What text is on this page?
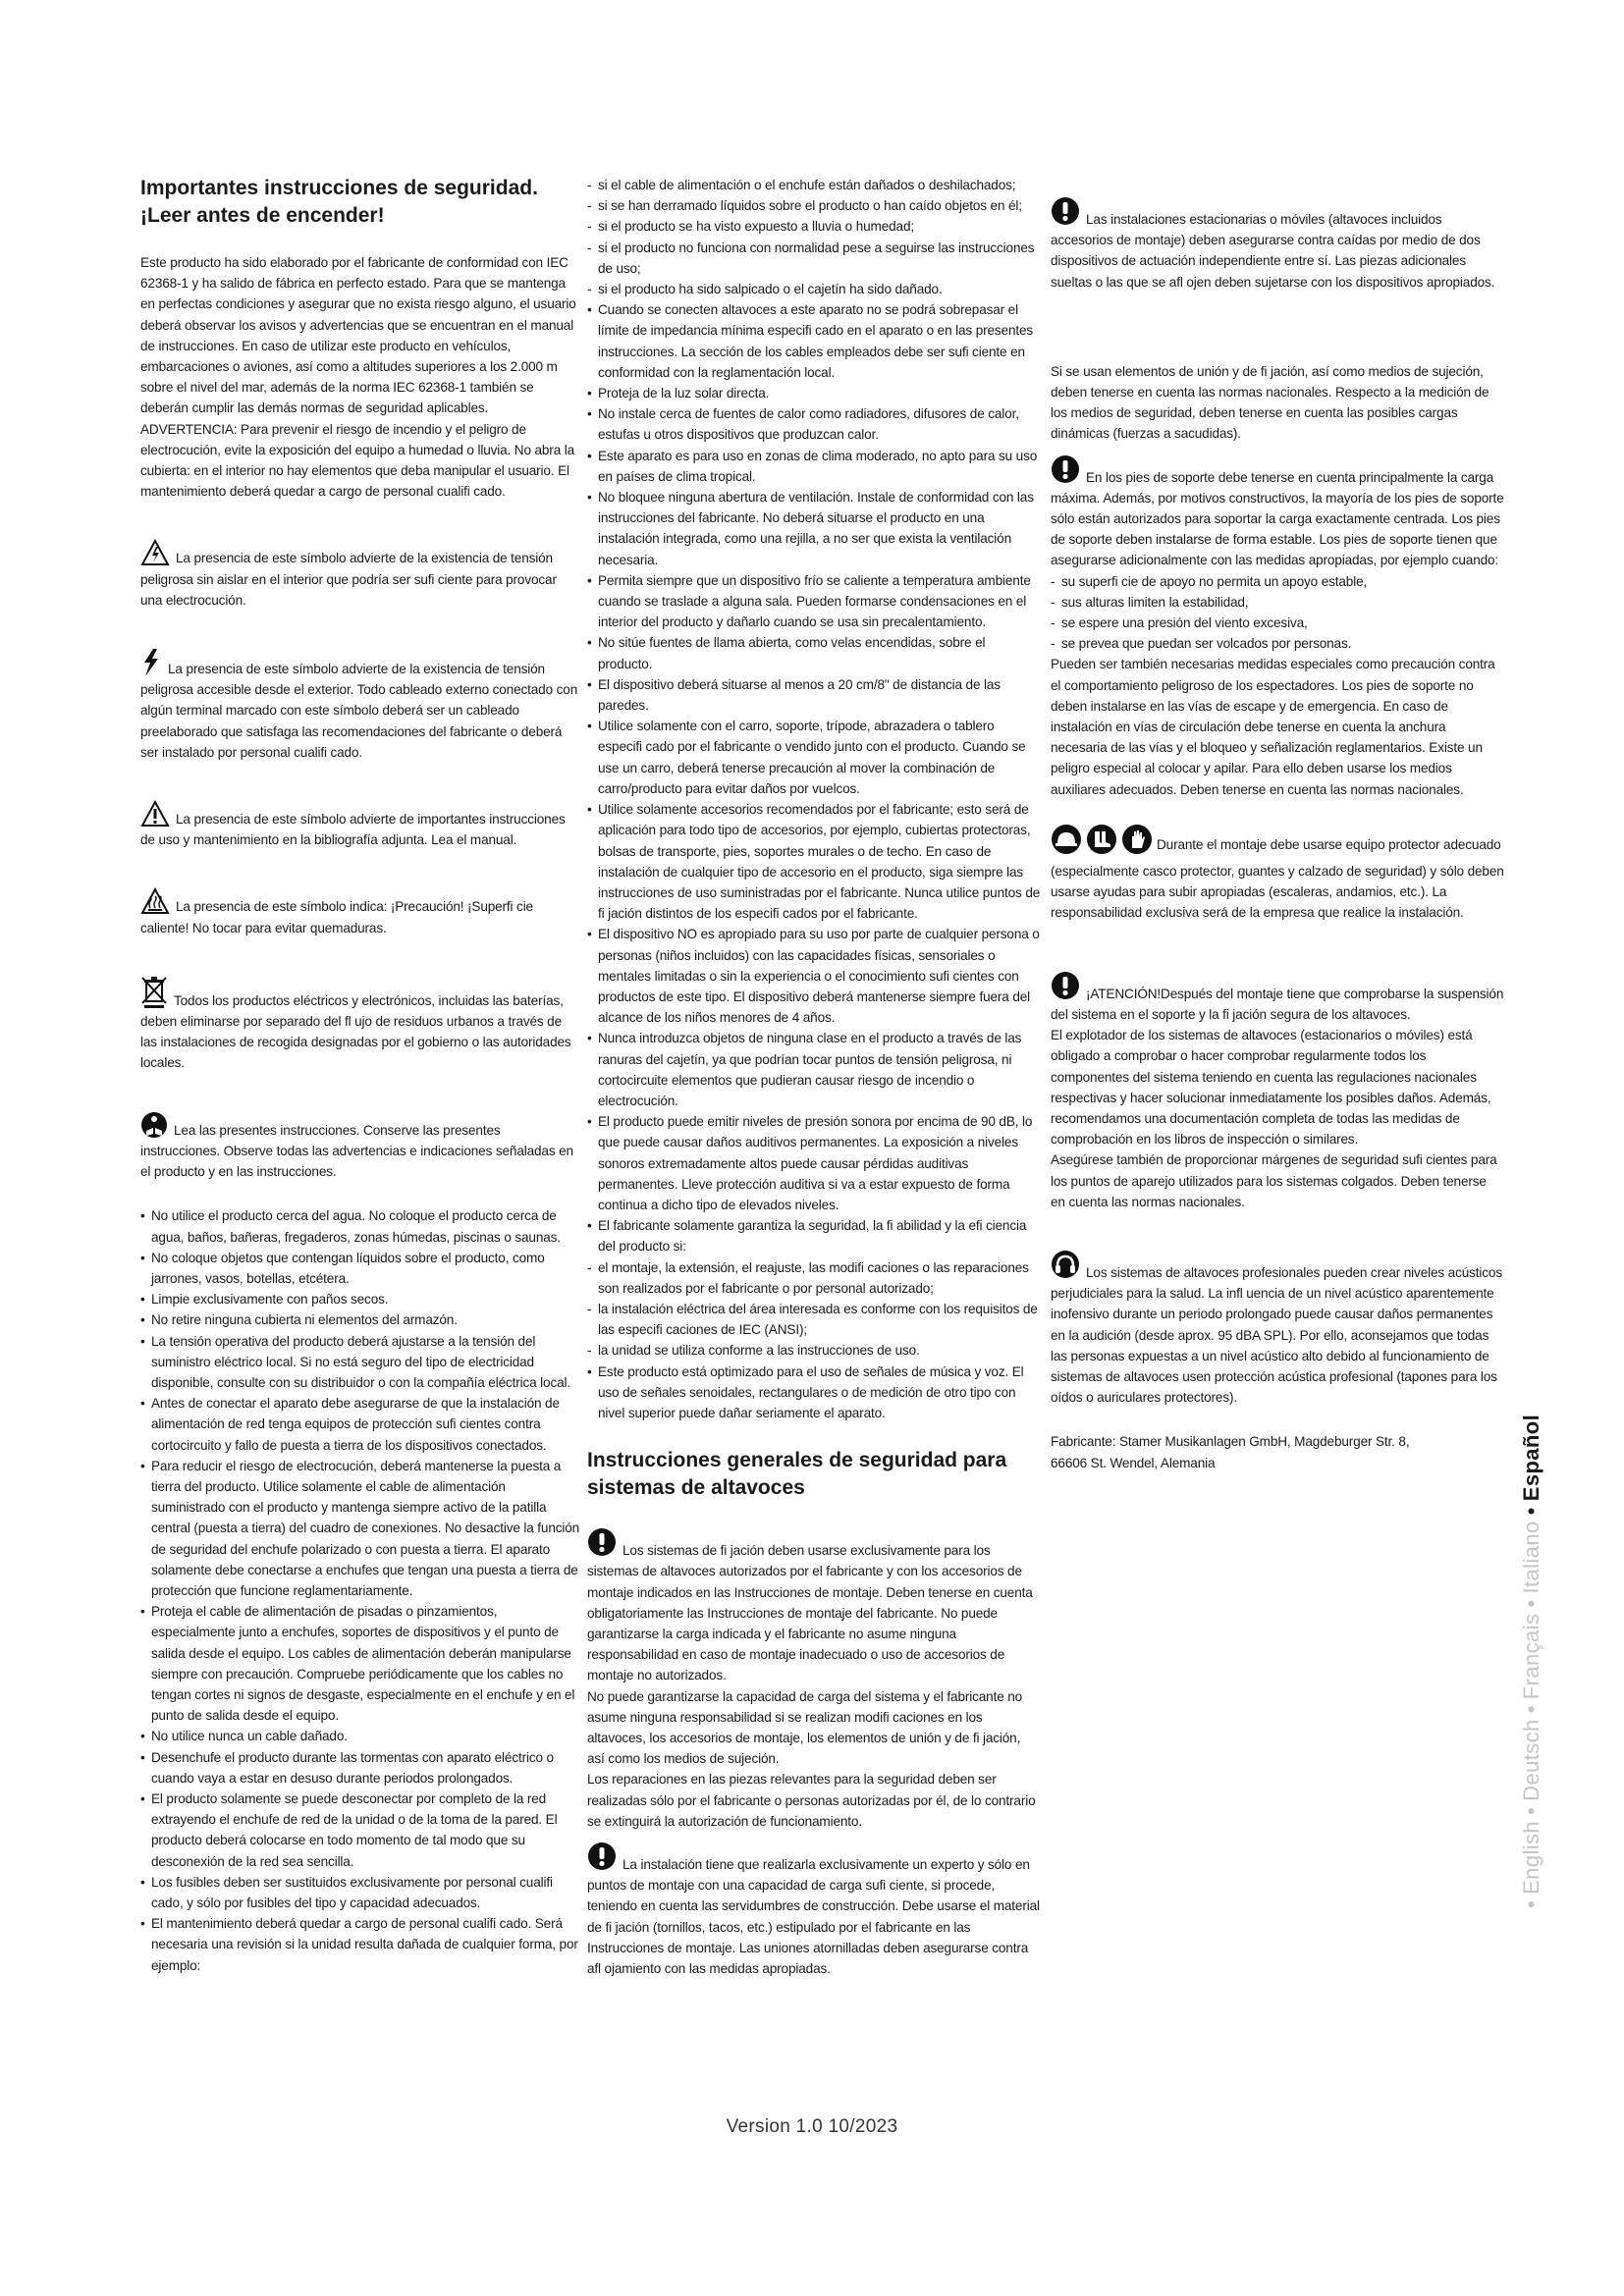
Importantes instrucciones de seguridad.
¡Leer antes de encender!

Este producto ha sido elaborado por el fabricante de conformidad con IEC 62368-1 y ha salido de fábrica en perfecto estado. Para que se mantenga en perfectas condiciones y asegurar que no exista riesgo alguno, el usuario deberá observar los avisos y advertencias que se encuentran en el manual de instrucciones. En caso de utilizar este producto en vehículos, embarcaciones o aviones, así como a altitudes superiores a los 2.000 m sobre el nivel del mar, además de la norma IEC 62368-1 también se deberán cumplir las demás normas de seguridad aplicables.

ADVERTENCIA: Para prevenir el riesgo de incendio y el peligro de electrocución, evite la exposición del equipo a humedad o lluvia. No abra la cubierta: en el interior no hay elementos que deba manipular el usuario. El mantenimiento deberá quedar a cargo de personal cualifi cado.

La presencia de este símbolo advierte de la existencia de tensión peligrosa sin aislar en el interior que podría ser sufi ciente para provocar una electrocución.

La presencia de este símbolo advierte de la existencia de tensión peligrosa accesible desde el exterior. Todo cableado externo conectado con algún terminal marcado con este símbolo deberá ser un cableado preelaborado que satisfaga las recomendaciones del fabricante o deberá ser instalado por personal cualifi cado.

La presencia de este símbolo advierte de importantes instrucciones de uso y mantenimiento en la bibliografía adjunta. Lea el manual.

La presencia de este símbolo indica: ¡Precaución! ¡Superfi cie caliente! No tocar para evitar quemaduras.

Todos los productos eléctricos y electrónicos, incluidas las baterías, deben eliminarse por separado del fl ujo de residuos urbanos a través de las instalaciones de recogida designadas por el gobierno o las autoridades locales.

Lea las presentes instrucciones. Conserve las presentes instrucciones. Observe todas las advertencias e indicaciones señaladas en el producto y en las instrucciones.

• No utilice el producto cerca del agua. No coloque el producto cerca de agua, baños, bañeras, fregaderos, zonas húmedas, piscinas o saunas.
• No coloque objetos que contengan líquidos sobre el producto, como jarrones, vasos, botellas, etcétera.
• Limpie exclusivamente con paños secos.
• No retire ninguna cubierta ni elementos del armazón.
• La tensión operativa del producto deberá ajustarse a la tensión del suministro eléctrico local. Si no está seguro del tipo de electricidad disponible, consulte con su distribuidor o con la compañía eléctrica local.
• Antes de conectar el aparato debe asegurarse de que la instalación de alimentación de red tenga equipos de protección sufi cientes contra cortocircuito y fallo de puesta a tierra de los dispositivos conectados.
• Para reducir el riesgo de electrocución, deberá mantenerse la puesta a tierra del producto. Utilice solamente el cable de alimentación suministrado con el producto y mantenga siempre activo de la patilla central (puesta a tierra) del cuadro de conexiones. No desactive la función de seguridad del enchufe polarizado o con puesta a tierra. El aparato solamente debe conectarse a enchufes que tengan una puesta a tierra de protección que funcione reglamentariamente.
• Proteja el cable de alimentación de pisadas o pinzamientos, especialmente junto a enchufes, soportes de dispositivos y el punto de salida desde el equipo. Los cables de alimentación deberán manipularse siempre con precaución. Compruebe periódicamente que los cables no tengan cortes ni signos de desgaste, especialmente en el enchufe y en el punto de salida desde el equipo.
• No utilice nunca un cable dañado.
• Desenchufe el producto durante las tormentas con aparato eléctrico o cuando vaya a estar en desuso durante periodos prolongados.
• El producto solamente se puede desconectar por completo de la red extrayendo el enchufe de red de la unidad o de la toma de la pared. El producto deberá colocarse en todo momento de tal modo que su desconexión de la red sea sencilla.
• Los fusibles deben ser sustituidos exclusivamente por personal cualifi cado, y sólo por fusibles del tipo y capacidad adecuados.
• El mantenimiento deberá quedar a cargo de personal cualifi cado. Será necesaria una revisión si la unidad resulta dañada de cualquier forma, por ejemplo:
- si el cable de alimentación o el enchufe están dañados o deshilachados;
- si se han derramado líquidos sobre el producto o han caído objetos en él;
- si el producto se ha visto expuesto a lluvia o humedad;
- si el producto no funciona con normalidad pese a seguirse las instrucciones de uso;
- si el producto ha sido salpicado o el cajetín ha sido dañado.
• Cuando se conecten altavoces a este aparato no se podrá sobrepasar el límite de impedancia mínima especifi cado en el aparato o en las presentes instrucciones. La sección de los cables empleados debe ser sufi ciente en conformidad con la reglamentación local.
• Proteja de la luz solar directa.
• No instale cerca de fuentes de calor como radiadores, difusores de calor, estufas u otros dispositivos que produzcan calor.
• Este aparato es para uso en zonas de clima moderado, no apto para su uso en países de clima tropical.
• No bloquee ninguna abertura de ventilación. Instale de conformidad con las instrucciones del fabricante. No deberá situarse el producto en una instalación integrada, como una rejilla, a no ser que exista la ventilación necesaria.
• Permita siempre que un dispositivo frío se caliente a temperatura ambiente cuando se traslade a alguna sala. Pueden formarse condensaciones en el interior del producto y dañarlo cuando se usa sin precalentamiento.
• No sitúe fuentes de llama abierta, como velas encendidas, sobre el producto.
• El dispositivo deberá situarse al menos a 20 cm/8" de distancia de las paredes.
• Utilice solamente con el carro, soporte, trípode, abrazadera o tablero especifi cado por el fabricante o vendido junto con el producto. Cuando se use un carro, deberá tenerse precaución al mover la combinación de carro/producto para evitar daños por vuelcos.
• Utilice solamente accesorios recomendados por el fabricante; esto será de aplicación para todo tipo de accesorios, por ejemplo, cubiertas protectoras, bolsas de transporte, pies, soportes murales o de techo. En caso de instalación de cualquier tipo de accesorio en el producto, siga siempre las instrucciones de uso suministradas por el fabricante. Nunca utilice puntos de fi jación distintos de los especifi cados por el fabricante.
• El dispositivo NO es apropiado para su uso por parte de cualquier persona o personas (niños incluidos) con las capacidades físicas, sensoriales o mentales limitadas o sin la experiencia o el conocimiento sufi cientes con productos de este tipo. El dispositivo deberá mantenerse siempre fuera del alcance de los niños menores de 4 años.
• Nunca introduzca objetos de ninguna clase en el producto a través de las ranuras del cajetín, ya que podrían tocar puntos de tensión peligrosa, ni cortocircuite elementos que pudieran causar riesgo de incendio o electrocución.
• El producto puede emitir niveles de presión sonora por encima de 90 dB, lo que puede causar daños auditivos permanentes. La exposición a niveles sonoros extremadamente altos puede causar pérdidas auditivas permanentes. Lleve protección auditiva si va a estar expuesto de forma continua a dicho tipo de elevados niveles.
• El fabricante solamente garantiza la seguridad, la fi abilidad y la efi ciencia del producto si:
- el montaje, la extensión, el reajuste, las modifi caciones o las reparaciones son realizados por el fabricante o por personal autorizado;
- la instalación eléctrica del área interesada es conforme con los requisitos de las especifi caciones de IEC (ANSI);
- la unidad se utiliza conforme a las instrucciones de uso.
• Este producto está optimizado para el uso de señales de música y voz. El uso de señales senoidales, rectangulares o de medición de otro tipo con nivel superior puede dañar seriamente el aparato.
Instrucciones generales de seguridad para
sistemas de altavoces

Los sistemas de fi jación deben usarse exclusivamente para los sistemas de altavoces autorizados por el fabricante y con los accesorios de montaje indicados en las Instrucciones de montaje. Deben tenerse en cuenta obligatoriamente las Instrucciones de montaje del fabricante. No puede garantizarse la carga indicada y el fabricante no asume ninguna responsabilidad en caso de montaje inadecuado o uso de accesorios de montaje no autorizados.

No puede garantizarse la capacidad de carga del sistema y el fabricante no asume ninguna responsabilidad si se realizan modifi caciones en los altavoces, los accesorios de montaje, los elementos de unión y de fi jación, así como los medios de sujeción.

Los reparaciones en las piezas relevantes para la seguridad deben ser realizadas sólo por el fabricante o personas autorizadas por él, de lo contrario se extinguirá la autorización de funcionamiento.

La instalación tiene que realizarla exclusivamente un experto y sólo en puntos de montaje con una capacidad de carga sufi ciente, si procede, teniendo en cuenta las servidumbres de construcción. Debe usarse el material de fi jación (tornillos, tacos, etc.) estipulado por el fabricante en las Instrucciones de montaje. Las uniones atornilladas deben asegurarse contra afl ojamiento con las medidas apropiadas.

Las instalaciones estacionarias o móviles (altavoces incluidos accesorios de montaje) deben asegurarse contra caídas por medio de dos dispositivos de actuación independiente entre sí. Las piezas adicionales sueltas o las que se afl ojen deben sujetarse con los dispositivos apropiados.

Si se usan elementos de unión y de fi jación, así como medios de sujeción, deben tenerse en cuenta las normas nacionales. Respecto a la medición de los medios de seguridad, deben tenerse en cuenta las posibles cargas dinámicas (fuerzas a sacudidas).

En los pies de soporte debe tenerse en cuenta principalmente la carga máxima. Además, por motivos constructivos, la mayoría de los pies de soporte sólo están autorizados para soportar la carga exactamente centrada. Los pies de soporte deben instalarse de forma estable. Los pies de soporte tienen que asegurarse adicionalmente con las medidas apropiadas, por ejemplo cuando:

- su superfi cie de apoyo no permita un apoyo estable,
- sus alturas limiten la estabilidad,
- se espere una presión del viento excesiva,
- se prevea que puedan ser volcados por personas.

Pueden ser también necesarias medidas especiales como precaución contra el comportamiento peligroso de los espectadores. Los pies de soporte no deben instalarse en las vías de escape y de emergencia. En caso de instalación en vías de circulación debe tenerse en cuenta la anchura necesaria de las vías y el bloqueo y señalización reglamentarios. Existe un peligro especial al colocar y apilar. Para ello deben usarse los medios auxiliares adecuados. Deben tenerse en cuenta las normas nacionales.

Durante el montaje debe usarse equipo protector adecuado (especialmente casco protector, guantes y calzado de seguridad) y sólo deben usarse ayudas para subir apropiadas (escaleras, andamios, etc.). La responsabilidad exclusiva será de la empresa que realice la instalación.

¡ATENCIÓN!Después del montaje tiene que comprobarse la suspensión del sistema en el soporte y la fi jación segura de los altavoces.

El explotador de los sistemas de altavoces (estacionarios o móviles) está obligado a comprobar o hacer comprobar regularmente todos los componentes del sistema teniendo en cuenta las regulaciones nacionales respectivas y hacer solucionar inmediatamente los posibles daños. Además, recomendamos una documentación completa de todas las medidas de comprobación en los libros de inspección o similares.

Asegúrese también de proporcionar márgenes de seguridad sufi cientes para los puntos de aparejo utilizados para los sistemas colgados. Deben tenerse en cuenta las normas nacionales.

Los sistemas de altavoces profesionales pueden crear niveles acústicos perjudiciales para la salud. La infl uencia de un nivel acústico aparentemente inofensivo durante un periodo prolongado puede causar daños permanentes en la audición (desde aprox. 95 dBA SPL). Por ello, aconsejamos que todas las personas expuestas a un nivel acústico alto debido al funcionamiento de sistemas de altavoces usen protección acústica profesional (tapones para los oídos o auriculares protectores).

Fabricante: Stamer Musikanlagen GmbH, Magdeburger Str. 8,
66606 St. Wendel, Alemania

Version 1.0 10/2023
•English•Deutsch•Français•Italiano•Español
